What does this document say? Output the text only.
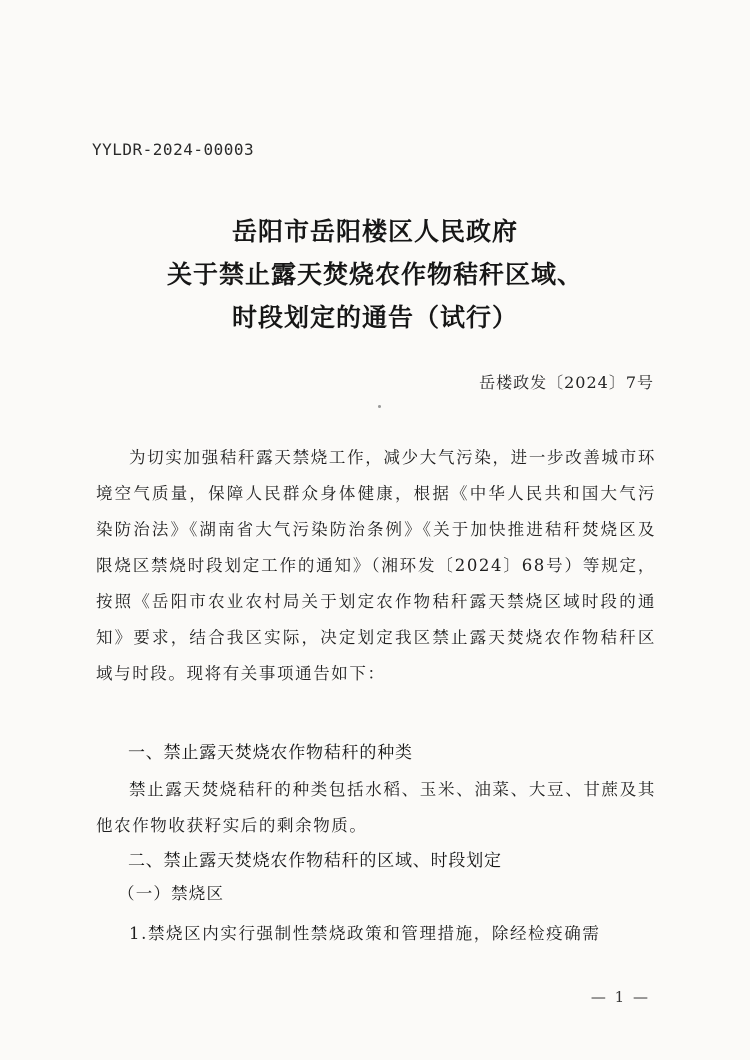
YYLDR-2024-00003
岳阳市岳阳楼区人民政府
关于禁止露天焚烧农作物秸秆区域、
时段划定的通告（试行）
岳楼政发〔2024〕7号
为切实加强秸秆露天禁烧工作，减少大气污染，进一步改善城市环境空气质量，保障人民群众身体健康，根据《中华人民共和国大气污染防治法》《湖南省大气污染防治条例》《关于加快推进秸秆焚烧区及限烧区禁烧时段划定工作的通知》（湘环发〔2024〕68号）等规定，按照《岳阳市农业农村局关于划定农作物秸秆露天禁烧区域时段的通知》要求，结合我区实际，决定划定我区禁止露天焚烧农作物秸秆区域与时段。现将有关事项通告如下：
一、禁止露天焚烧农作物秸秆的种类
禁止露天焚烧秸秆的种类包括水稻、玉米、油菜、大豆、甘蔗及其他农作物收获籽实后的剩余物质。
二、禁止露天焚烧农作物秸秆的区域、时段划定
（一）禁烧区
1.禁烧区内实行强制性禁烧政策和管理措施，除经检疫确需
— 1 —
